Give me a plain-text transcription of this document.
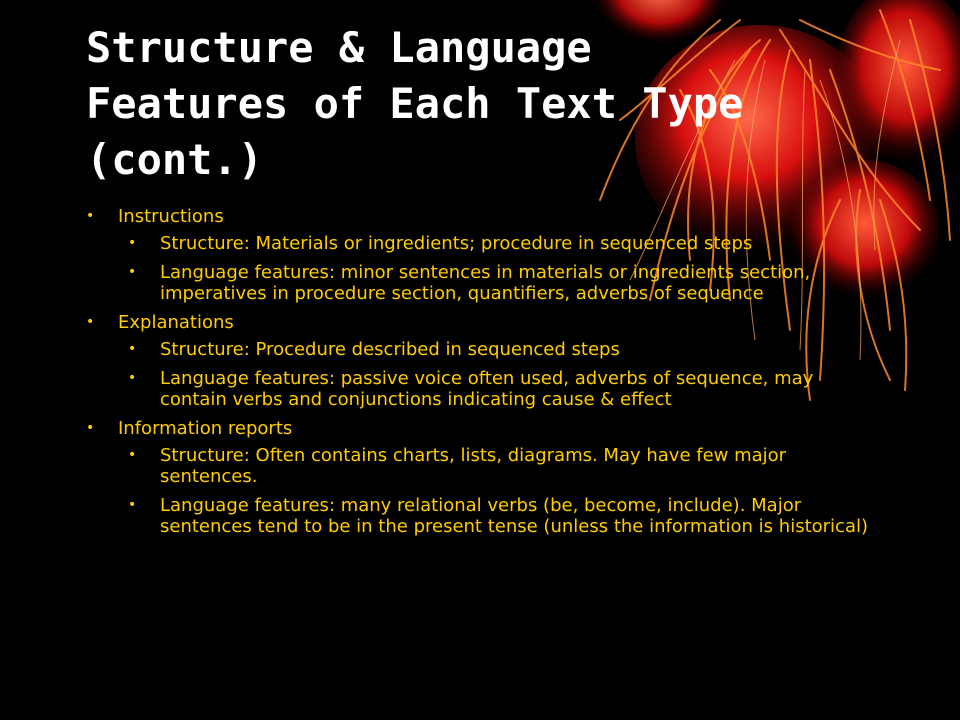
Structure & Language
Features of Each Text Type
(cont.)
• Instructions
• Structure: Materials or ingredients; procedure in sequenced steps
• Language features: minor sentences in materials or ingredients section, imperatives in procedure section, quantifiers, adverbs of sequence
• Explanations
• Structure: Procedure described in sequenced steps
• Language features: passive voice often used, adverbs of sequence, may contain verbs and conjunctions indicating cause & effect
• Information reports
• Structure: Often contains charts, lists, diagrams. May have few major sentences.
• Language features: many relational verbs (be, become, include). Major sentences tend to be in the present tense (unless the information is historical)
